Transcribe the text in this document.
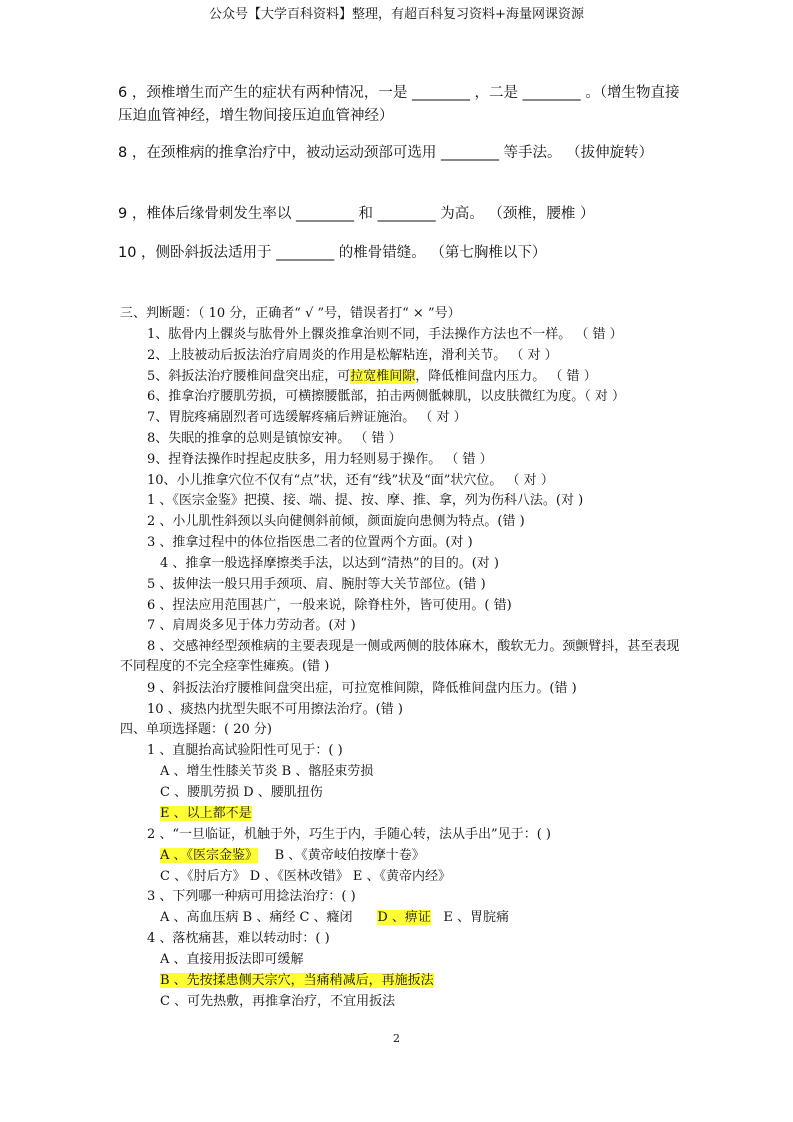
公众号【大学百科资料】整理，有超百科复习资料+海量网课资源
6 ，颈椎增生而产生的症状有两种情况，一是 ________ ，二是 ________ 。（增生物直接压迫血管神经，增生物间接压迫血管神经）
8 ，在颈椎病的推拿治疗中，被动运动颈部可选用 ________ 等手法。 （拔伸旋转）
9 ，椎体后缘骨刺发生率以 ________ 和 ________ 为高。 （颈椎，腰椎 ）
10 ，侧卧斜扳法适用于 ________ 的椎骨错缝。 （第七胸椎以下）
三、判断题：（ 10 分，正确者“ √ ”号，错误者打“ × ”号）
1、肱骨内上髁炎与肱骨外上髁炎推拿治则不同，手法操作方法也不一样。 （ 错 ）
2、上肢被动后扳法治疗肩周炎的作用是松解粘连，滑利关节。 （ 对 ）
5、斜扳法治疗腰椎间盘突出症，可拉宽椎间隙，降低椎间盘内压力。 （ 错 ）
6、推拿治疗腰肌劳损，可横擦腰骶部，拍击两侧骶棘肌，以皮肤微红为度。（ 对 ）
7、胃脘疼痛剧烈者可选缓解疼痛后辨证施治。 （ 对 ）
8、失眠的推拿的总则是镇惊安神。 （ 错 ）
9、捏脊法操作时捏起皮肤多，用力轻则易于操作。 （ 错 ）
10、小儿推拿穴位不仅有“点”状，还有“线”状及“面”状穴位。 （ 对 ）
1 、《医宗金鉴》把摸、接、端、提、按、摩、推、拿，列为伤科八法。(对 )
2 、小儿肌性斜颈以头向健侧斜前倾，颜面旋向患侧为特点。(错 )
3 、推拿过程中的体位指医患二者的位置两个方面。(对 )
4 、推拿一般选择摩擦类手法，以达到“清热”的目的。(对 )
5 、拔伸法一般只用手颈项、肩、腕肘等大关节部位。(错 )
6 、捏法应用范围甚广，一般来说，除脊柱外，皆可使用。( 错)
7 、肩周炎多见于体力劳动者。(对 )
8 、交感神经型颈椎病的主要表现是一侧或两侧的肢体麻木，酸软无力。颈颤臂抖，甚至表现不同程度的不完全痉挛性瘫痪。(错 )
9 、斜扳法治疗腰椎间盘突出症，可拉宽椎间隙，降低椎间盘内压力。(错 )
10 、痰热内扰型失眠不可用擦法治疗。(错 )
四、单项选择题：( 20 分)
1 、直腿抬高试验阳性可见于：( )
A 、增生性膝关节炎 B 、髂胫束劳损
C 、腰肌劳损 D 、腰肌扭伤
E 、以上都不是
2 、“一旦临证，机触于外，巧生于内，手随心转，法从手出”见于：( )
A 、《医宗金鉴》 B 、《黄帝岐伯按摩十卷》
C 、《肘后方》 D 、《医林改错》 E 、《黄帝内经》
3 、下列哪一种病可用捻法治疗：( )
A 、高血压病 B 、痛经 C 、癃闭 D 、痹证 E 、胃脘痛
4 、落枕痛甚，难以转动时：( )
A 、直接用扳法即可缓解
B 、先按揉患侧天宗穴，当痛稍减后，再施扳法
C 、可先热敷，再推拿治疗，不宜用扳法
2
